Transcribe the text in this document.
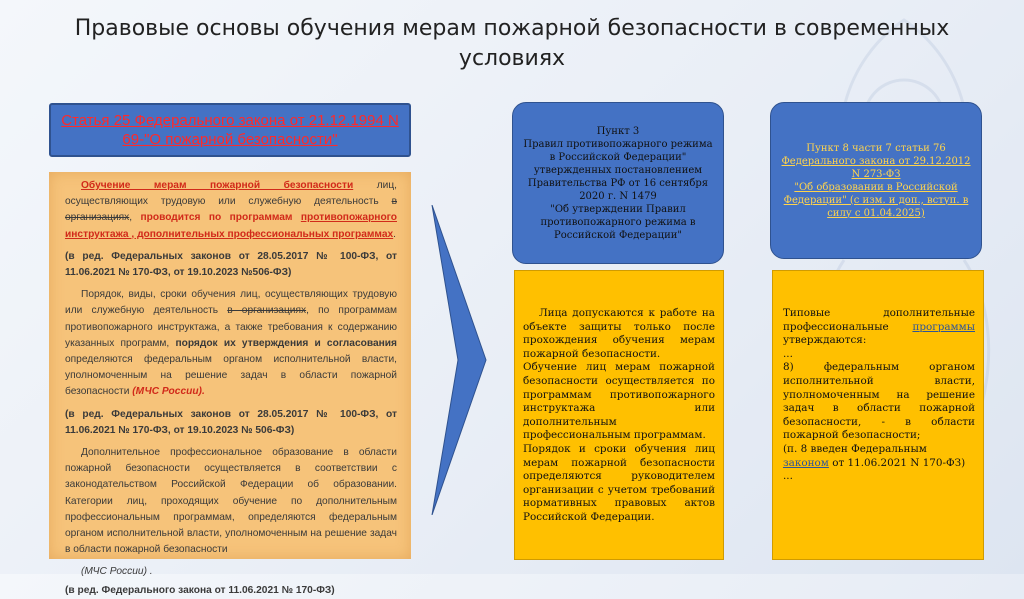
Правовые основы обучения мерам пожарной безопасности в современных условиях
Статья 25 Федерального закона от 21.12.1994 N 69-"О пожарной безопасности"

Обучение мерам пожарной безопасности лиц, осуществляющих трудовую или служебную деятельность в организациях, проводится по программам противопожарного инструктажа , дополнительных профессиональных программах.

(в ред. Федеральных законов от 28.05.2017 № 100-ФЗ, от 11.06.2021 № 170-ФЗ, от 19.10.2023 №506-ФЗ)

Порядок, виды, сроки обучения лиц, осуществляющих трудовую или служебную деятельность в организациях, по программам противопожарного инструктажа, а также требования к содержанию указанных программ, порядок их утверждения и согласования определяются федеральным органом исполнительной власти, уполномоченным на решение задач в области пожарной безопасности (МЧС России).

(в ред. Федеральных законов от 28.05.2017 № 100-ФЗ, от 11.06.2021 № 170-ФЗ, от 19.10.2023 № 506-ФЗ)

Дополнительное профессиональное образование в области пожарной безопасности осуществляется в соответствии с законодательством Российской Федерации об образовании. Категории лиц, проходящих обучение по дополнительным профессиональным программам, определяются федеральным органом исполнительной власти, уполномоченным на решение задач в области пожарной безопасности

(МЧС России) .

(в ред. Федерального закона от 11.06.2021 № 170-ФЗ)

Пункт 3
Правил противопожарного режима в Российской Федерации" утвержденных постановлением Правительства РФ от 16 сентября 2020 г. N 1479
"Об утверждении Правил противопожарного режима в Российской Федерации"

Лица допускаются к работе на объекте защиты только после прохождения обучения мерам пожарной безопасности.

Обучение лиц мерам пожарной безопасности осуществляется по программам противопожарного инструктажа или дополнительным профессиональным программам.

Порядок и сроки обучения лиц мерам пожарной безопасности определяются руководителем организации с учетом требований нормативных правовых актов Российской Федерации.

Пункт 8 части 7 статьи 76
Федерального закона от 29.12.2012 N 273-ФЗ
"Об образовании в Российской Федерации" (с изм. и доп., вступ. в силу с 01.04.2025)

Типовые дополнительные профессиональные программы утверждаются:

...

8) федеральным органом исполнительной власти, уполномоченным на решение задач в области пожарной безопасности, - в области пожарной безопасности;

(п. 8 введен Федеральным законом от 11.06.2021 N 170-ФЗ)

...
